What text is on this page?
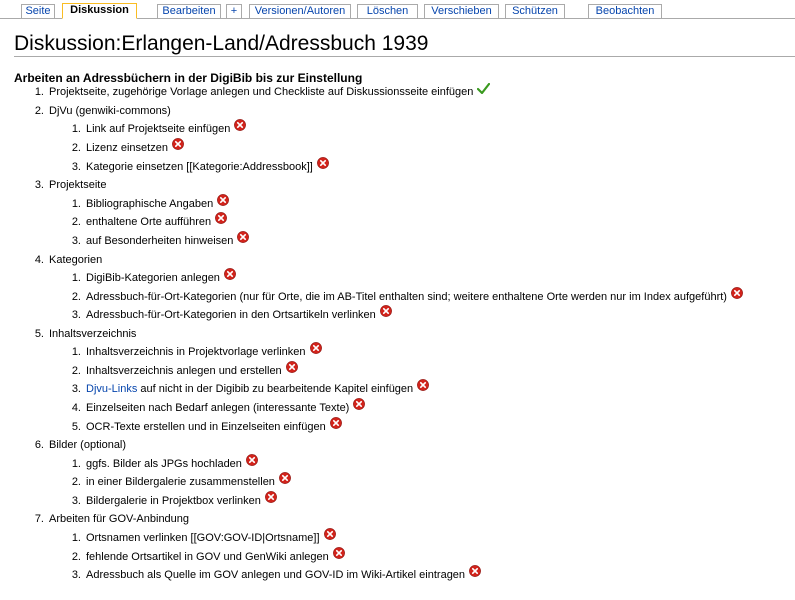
Seite	Diskussion	Bearbeiten	+	Versionen/Autoren	Löschen	Verschieben	Schützen	Beobachten
Diskussion:Erlangen-Land/Adressbuch 1939
Arbeiten an Adressbüchern in der DigiBib bis zur Einstellung
1. Projektseite, zugehörige Vorlage anlegen und Checkliste auf Diskussionsseite einfügen
2. DjVu (genwiki-commons)
1. Link auf Projektseite einfügen
2. Lizenz einsetzen
3. Kategorie einsetzen [[Kategorie:Addressbook]]
3. Projektseite
1. Bibliographische Angaben
2. enthaltene Orte aufführen
3. auf Besonderheiten hinweisen
4. Kategorien
1. DigiBib-Kategorien anlegen
2. Adressbuch-für-Ort-Kategorien (nur für Orte, die im AB-Titel enthalten sind; weitere enthaltene Orte werden nur im Index aufgeführt)
3. Adressbuch-für-Ort-Kategorien in den Ortsartikeln verlinken
5. Inhaltsverzeichnis
1. Inhaltsverzeichnis in Projektvorlage verlinken
2. Inhaltsverzeichnis anlegen und erstellen
3. Djvu-Links auf nicht in der Digibib zu bearbeitende Kapitel einfügen
4. Einzelseiten nach Bedarf anlegen (interessante Texte)
5. OCR-Texte erstellen und in Einzelseiten einfügen
6. Bilder (optional)
1. ggfs. Bilder als JPGs hochladen
2. in einer Bildergalerie zusammenstellen
3. Bildergalerie in Projektbox verlinken
7. Arbeiten für GOV-Anbindung
1. Ortsnamen verlinken [[GOV:GOV-ID|Ortsname]]
2. fehlende Ortsartikel in GOV und GenWiki anlegen
3. Adressbuch als Quelle im GOV anlegen und GOV-ID im Wiki-Artikel eintragen
